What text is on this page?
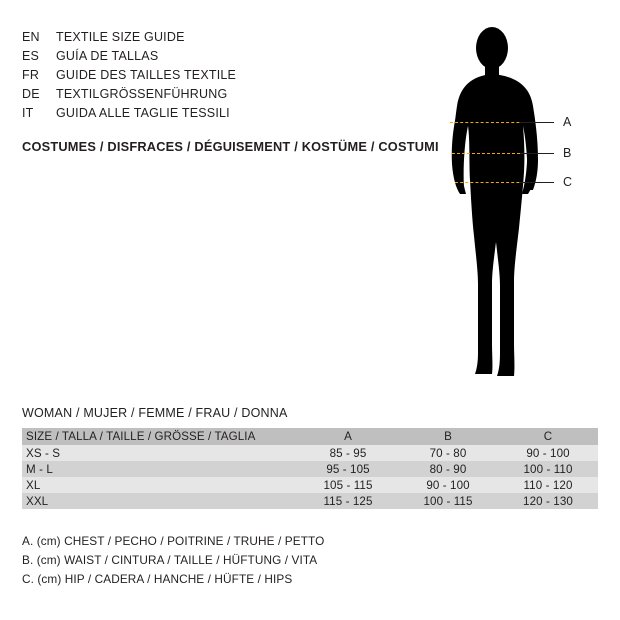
EN	TEXTILE SIZE GUIDE
ES	GUÍA DE TALLAS
FR	GUIDE DES TAILLES TEXTILE
DE	TEXTILGRÖSSENFÜHRUNG
IT	GUIDA ALLE TAGLIE TESSILI
COSTUMES / DISFRACES / DÉGUISEMENT / KOSTÜME / COSTUMI
A
B
C
WOMAN / MUJER / FEMME / FRAU / DONNA
SIZE / TALLA / TAILLE / GRÖSSE / TAGLIA	A	B	C
XS - S	85 - 95	70 - 80	90 - 100
M - L	95 - 105	80 - 90	100 - 110
XL	105 - 115	90 - 100	110 - 120
XXL	115 - 125	100 - 115	120 - 130
A. (cm) CHEST / PECHO / POITRINE / TRUHE / PETTO
B. (cm) WAIST / CINTURA / TAILLE / HÜFTUNG / VITA
C. (cm) HIP / CADERA / HANCHE / HÜFTE / HIPS
